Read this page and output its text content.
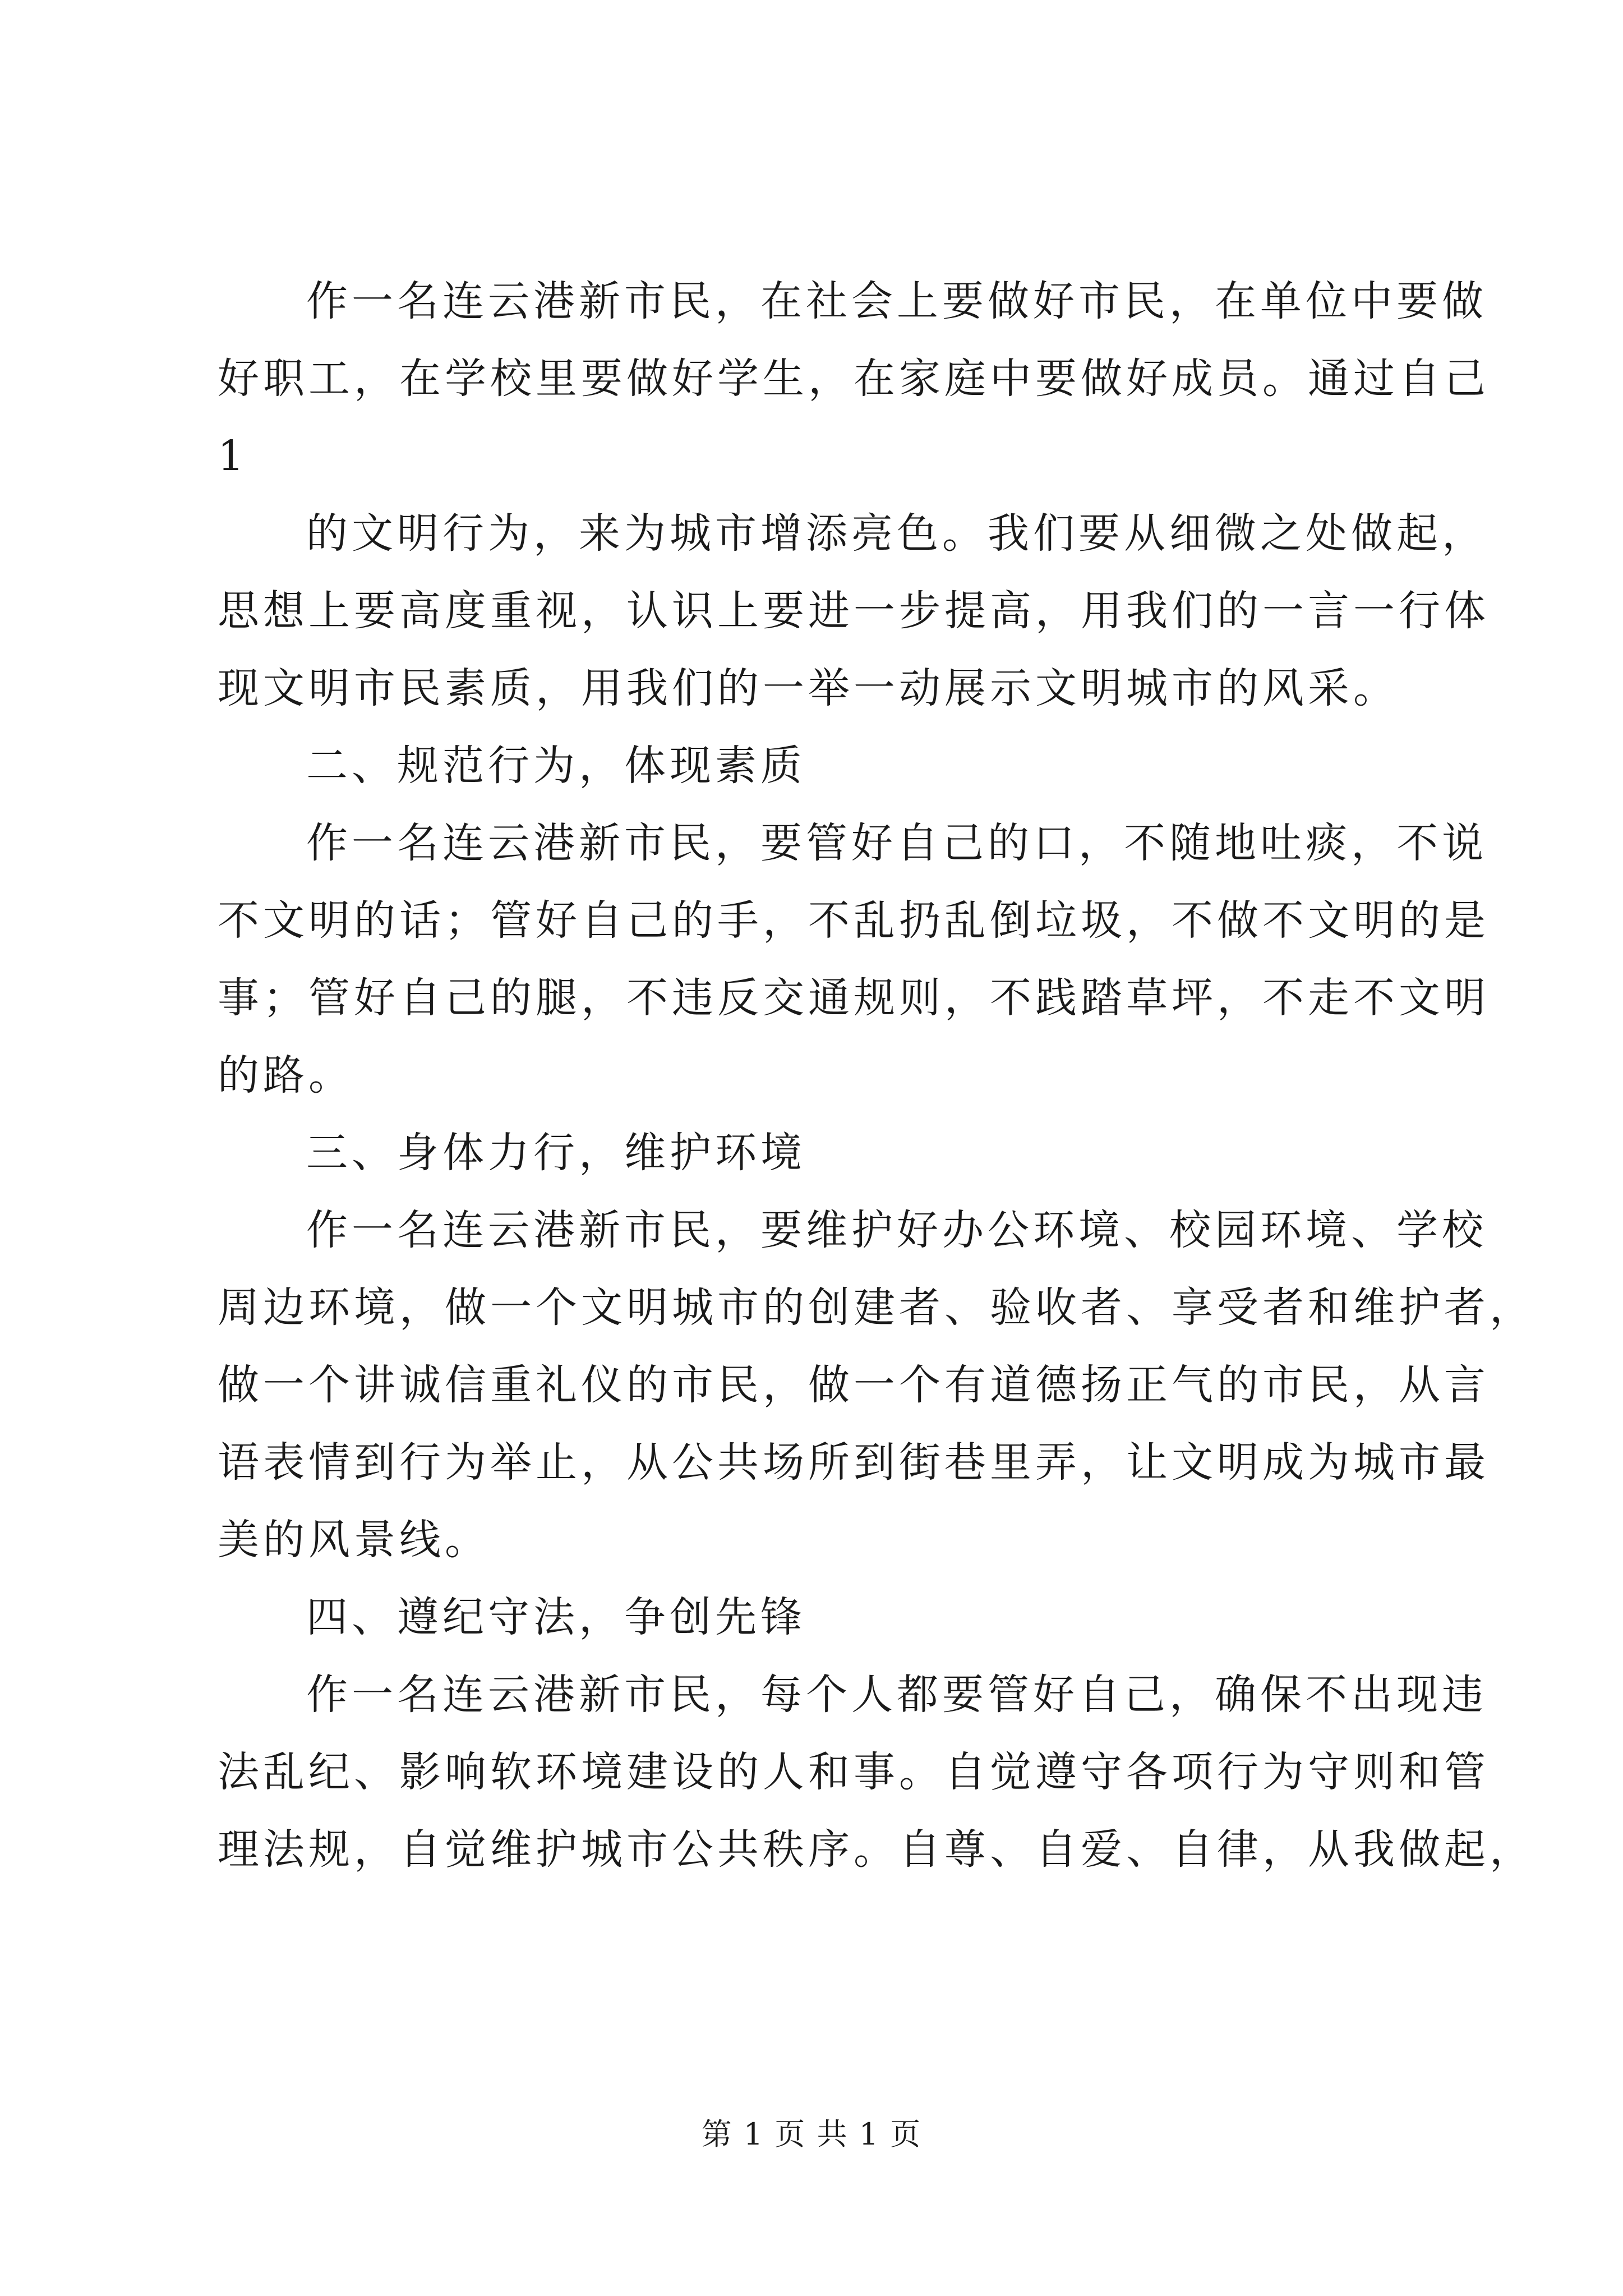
作一名连云港新市民，在社会上要做好市民，在单位中要做
好职工，在学校里要做好学生，在家庭中要做好成员。通过自己
1
的文明行为，来为城市增添亮色。我们要从细微之处做起，
思想上要高度重视，认识上要进一步提高，用我们的一言一行体
现文明市民素质，用我们的一举一动展示文明城市的风采。
二、规范行为，体现素质
作一名连云港新市民，要管好自己的口，不随地吐痰，不说
不文明的话；管好自己的手，不乱扔乱倒垃圾，不做不文明的是
事；管好自己的腿，不违反交通规则，不践踏草坪，不走不文明
的路。
三、身体力行，维护环境
作一名连云港新市民，要维护好办公环境、校园环境、学校
周边环境，做一个文明城市的创建者、验收者、享受者和维护者，
做一个讲诚信重礼仪的市民，做一个有道德扬正气的市民，从言
语表情到行为举止，从公共场所到街巷里弄，让文明成为城市最
美的风景线。
四、遵纪守法，争创先锋
作一名连云港新市民，每个人都要管好自己，确保不出现违
法乱纪、影响软环境建设的人和事。自觉遵守各项行为守则和管
理法规，自觉维护城市公共秩序。自尊、自爱、自律，从我做起，
第 1 页 共 1 页
